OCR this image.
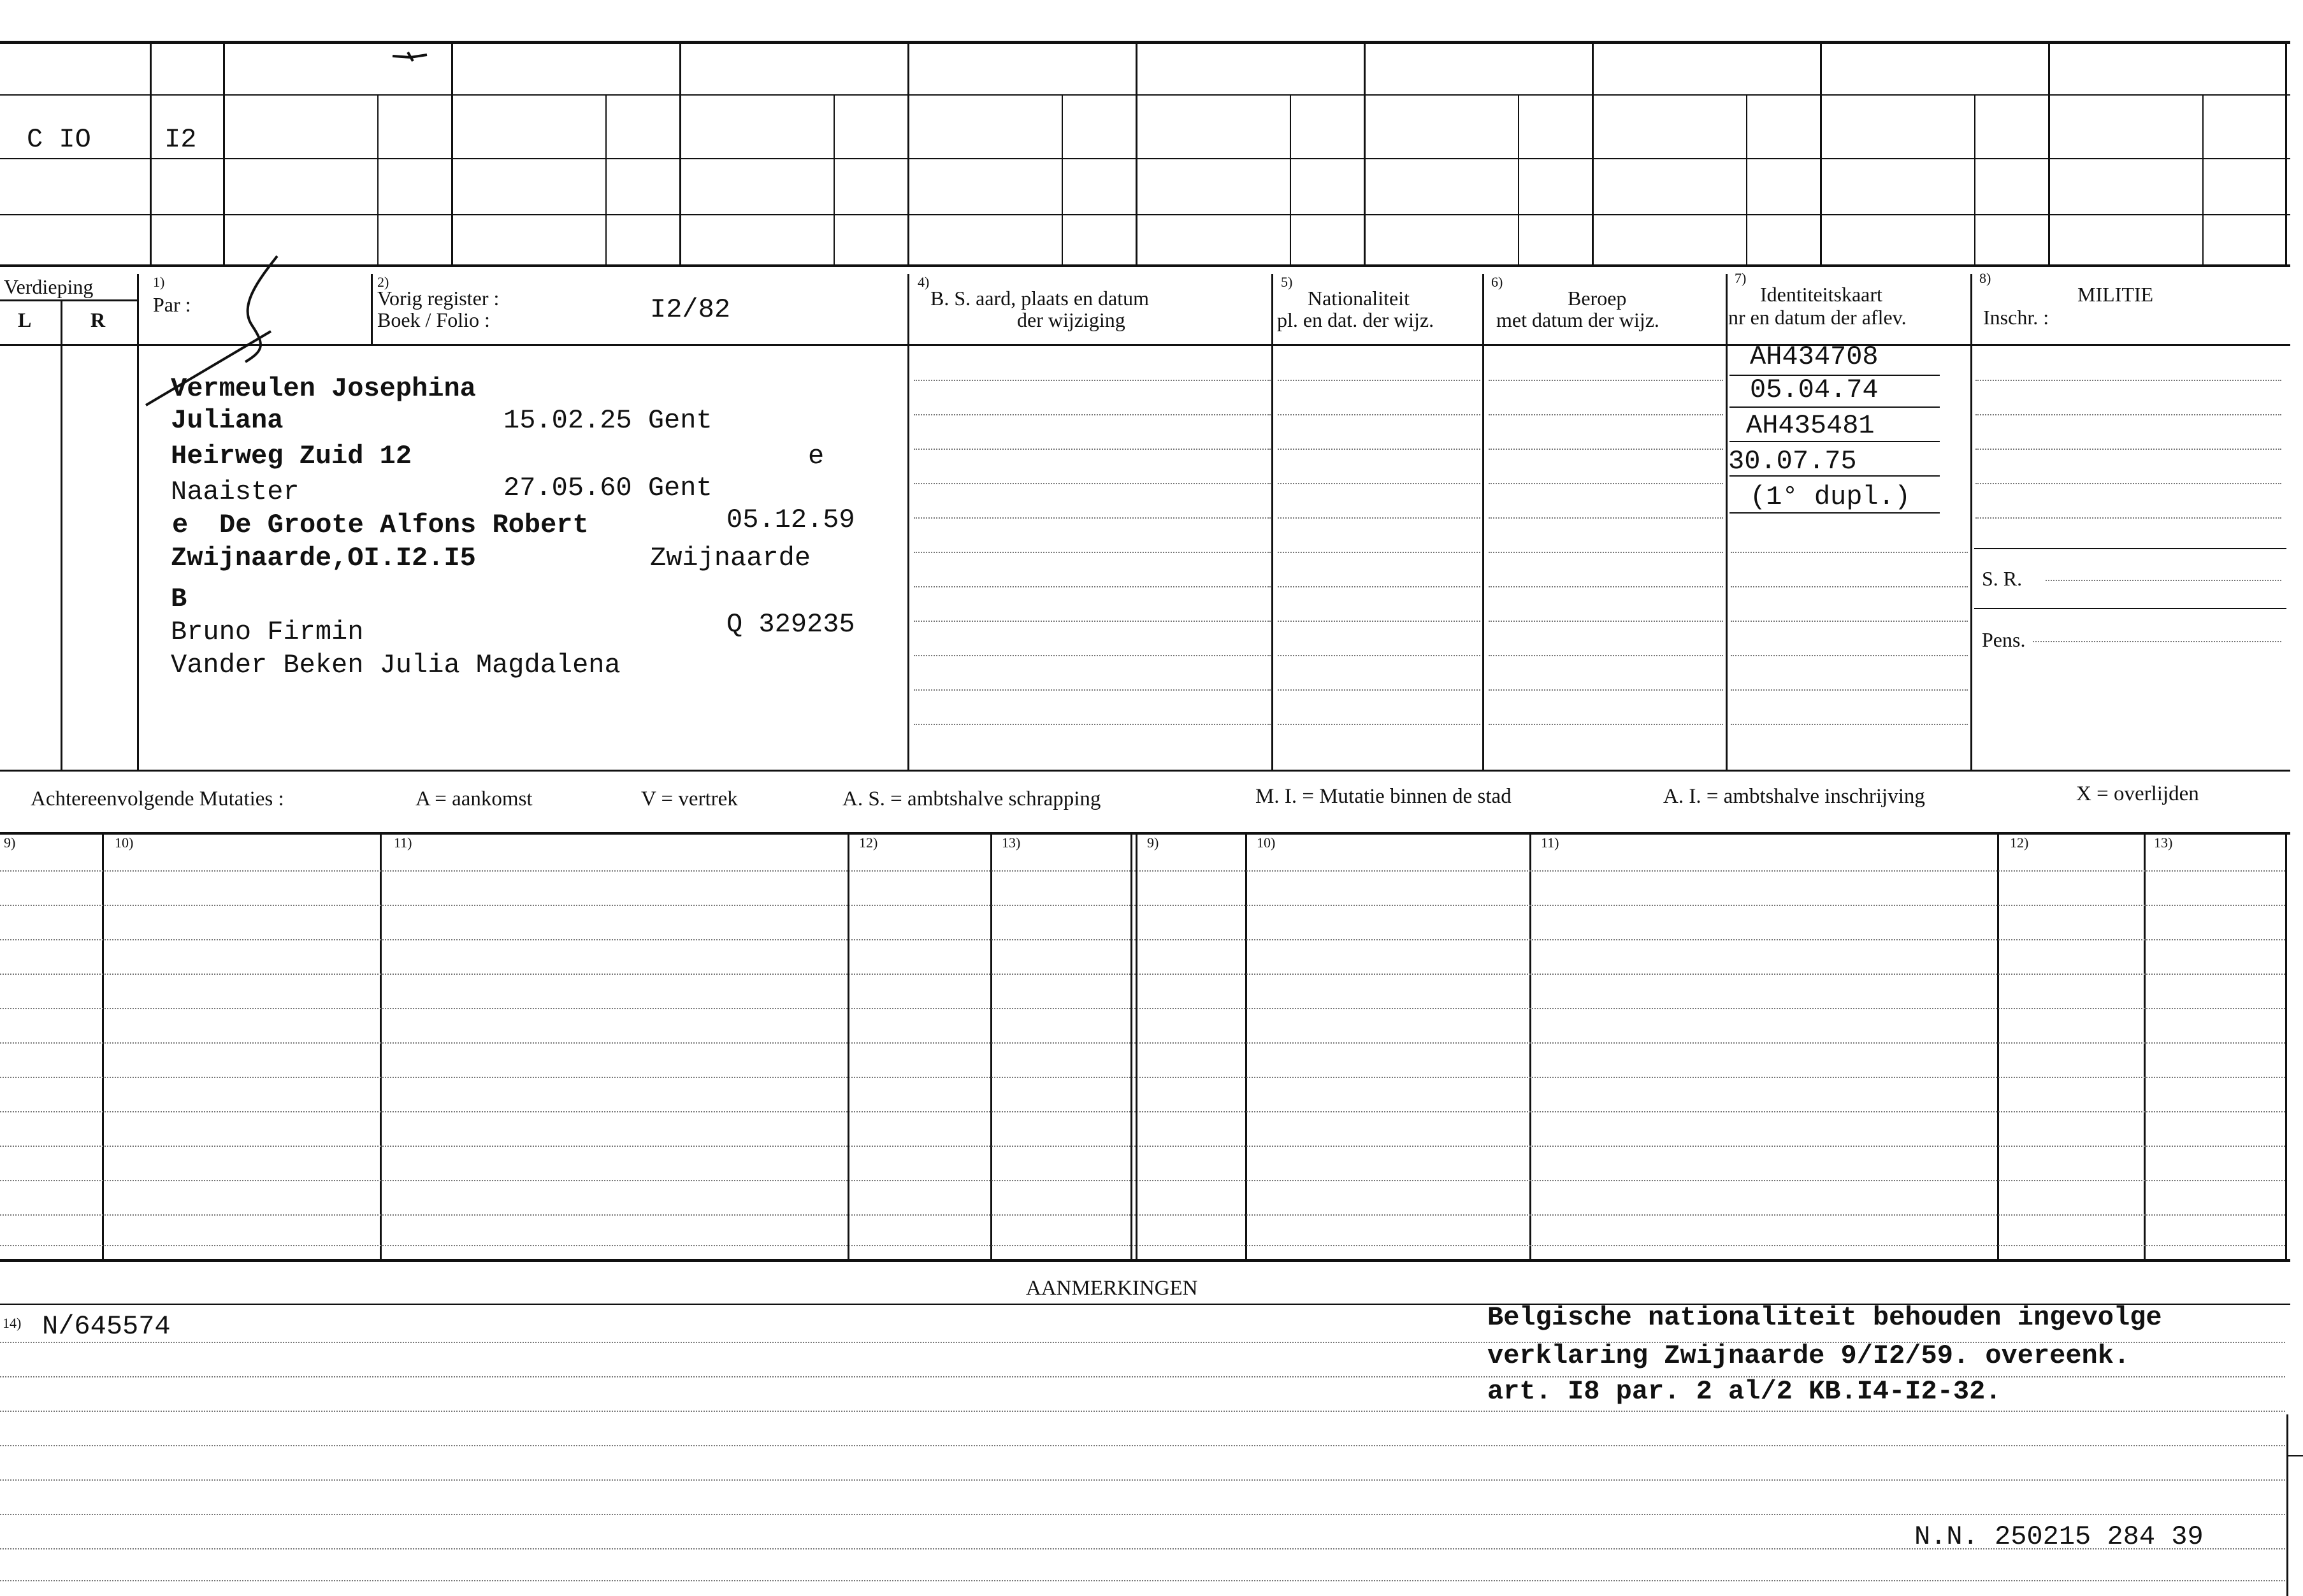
C IO	I2
Verdieping
L	R
1)
Par :
2)
Vorig register :
Boek / Folio :	I2/82
4)
B. S. aard, plaats en datum
der wijziging
5)
Nationaliteit
pl. en dat. der wijz.
6)
Beroep
met datum der wijz.
7)
Identiteitskaart
nr en datum der aflev.
8)
MILITIE
Inschr. :
S. R.
Pens.
Vermeulen Josephina
Juliana	15.02.25 Gent
Heirweg Zuid 12	e
Naaister	27.05.60 Gent
e De Groote Alfons Robert	05.12.59
Zwijnaarde,OI.I2.I5	Zwijnaarde
B
Bruno Firmin	Q 329235
Vander Beken Julia Magdalena
AH434708
05.04.74
AH435481
30.07.75
(1° dupl.)
Achtereenvolgende Mutaties :	A = aankomst	V = vertrek	A. S. = ambtshalve schrapping	M. I. = Mutatie binnen de stad	A. I. = ambtshalve inschrijving	X = overlijden
9)	10)	11)	12)	13)	9)	10)	11)	12)	13)
AANMERKINGEN
14) N/645574	Belgische nationaliteit behouden ingevolge
verklaring Zwijnaarde 9/I2/59. overeenk.
art. I8 par. 2 al/2 KB.I4-I2-32.
N.N. 250215 284 39
